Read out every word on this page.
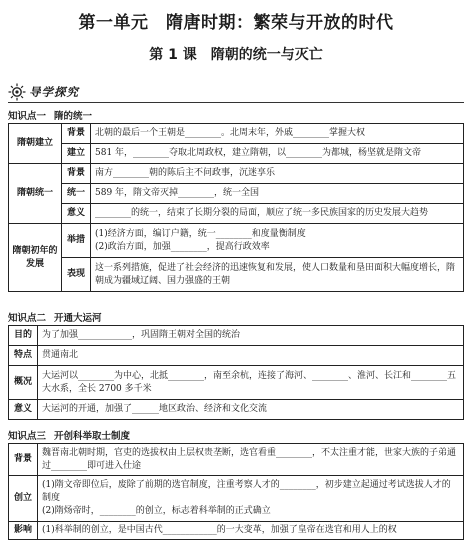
第一单元　隋唐时期：繁荣与开放的时代
第 1 课　隋朝的统一与灭亡
导学探究
知识点一 隋的统一
隋朝建立	背景	北朝的最后一个王朝是________。北周末年，外戚________掌握大权
	建立	581 年，________夺取北周政权，建立隋朝，以________为都城，杨坚就是隋文帝
隋朝统一	背景	南方________朝的陈后主不问政事，沉迷享乐
	统一	589 年，隋文帝灭掉________，统一全国
	意义	________的统一，结束了长期分裂的局面，顺应了统一多民族国家的历史发展大趋势
隋朝初年的发展	举措	(1)经济方面，编订户籍，统一________和度量衡制度
(2)政治方面，加强________，提高行政效率

	表现	这一系列措施，促进了社会经济的迅速恢复和发展，使人口数量和垦田面积大幅度增长，隋朝成为疆域辽阔、国力强盛的王朝
知识点二 开通大运河
目的	为了加强____________，巩固隋王朝对全国的统治
特点	贯通南北
概况	大运河以________为中心，北抵________，南至余杭，连接了海河、________、淮河、长江和________五大水系，全长 2700 多千米
意义	大运河的开通，加强了______地区政治、经济和文化交流
知识点三 开创科举取士制度
背景	魏晋南北朝时期，官吏的选拔权由上层权贵垄断，选官看重________，不太注重才能，世家大族的子弟通过________即可进入仕途
创立	(1)隋文帝即位后，废除了前期的选官制度，注重考察人才的________，初步建立起通过考试选拔人才的制度
(2)隋炀帝时，________的创立，标志着科举制的正式确立

影响	(1)科举制的创立，是中国古代____________的一大变革，加强了皇帝在选官和用人上的权
